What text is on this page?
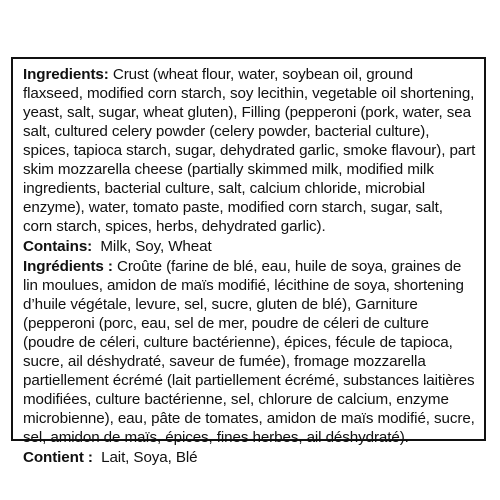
Ingredients: Crust (wheat flour, water, soybean oil, ground flaxseed, modified corn starch, soy lecithin, vegetable oil shortening, yeast, salt, sugar, wheat gluten), Filling (pepperoni (pork, water, sea salt, cultured celery powder (celery powder, bacterial culture), spices, tapioca starch, sugar, dehydrated garlic, smoke flavour), part skim mozzarella cheese (partially skimmed milk, modified milk ingredients, bacterial culture, salt, calcium chloride, microbial enzyme), water, tomato paste, modified corn starch, sugar, salt, corn starch, spices, herbs, dehydrated garlic).

Contains:  Milk, Soy, Wheat

Ingrédients : Croûte (farine de blé, eau, huile de soya, graines de lin moulues, amidon de maïs modifié, lécithine de soya, shortening d’huile végétale, levure, sel, sucre, gluten de blé), Garniture (pepperoni (porc, eau, sel de mer, poudre de céleri de culture (poudre de céleri, culture bactérienne), épices, fécule de tapioca, sucre, ail déshydraté, saveur de fumée), fromage mozzarella partiellement écrémé (lait partiellement écrémé, substances laitières modifiées, culture bactérienne, sel, chlorure de calcium, enzyme microbienne), eau, pâte de tomates, amidon de maïs modifié, sucre, sel, amidon de maïs, épices, fines herbes, ail déshydraté).

Contient :  Lait, Soya, Blé
